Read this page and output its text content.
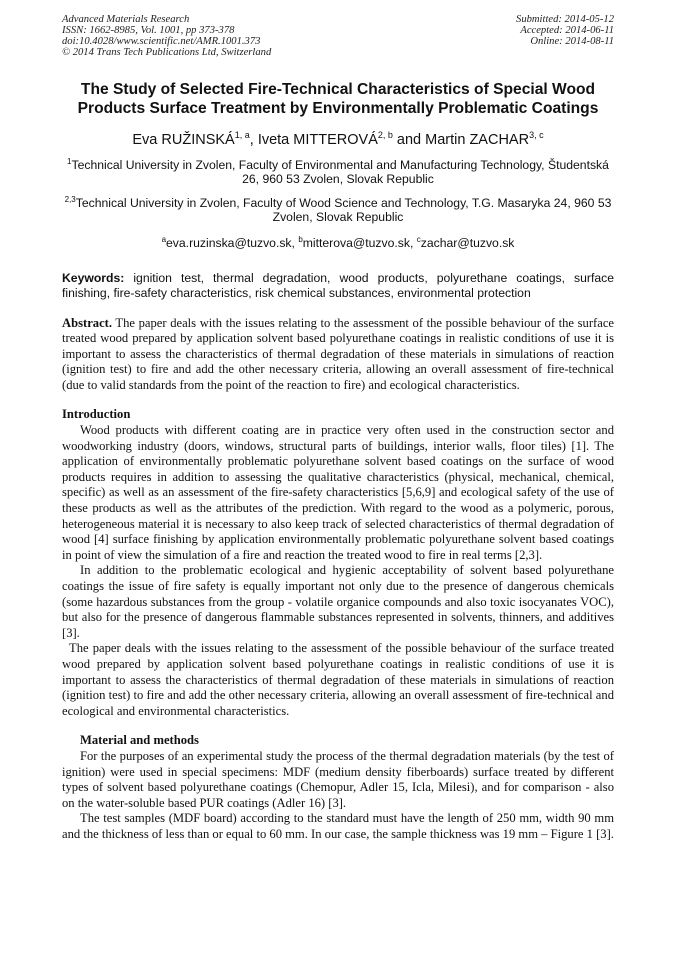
Advanced Materials Research
ISSN: 1662-8985, Vol. 1001, pp 373-378
doi:10.4028/www.scientific.net/AMR.1001.373
© 2014 Trans Tech Publications Ltd, Switzerland
Submitted: 2014-05-12
Accepted: 2014-06-11
Online: 2014-08-11
The Study of Selected Fire-Technical Characteristics of Special Wood Products Surface Treatment by Environmentally Problematic Coatings
Eva RUŽINSKÁ$^{1, a}$, Iveta MITTEROVÁ$^{2, b}$ and Martin ZACHAR$^{3, c}$
$^1$Technical University in Zvolen, Faculty of Environmental and Manufacturing Technology, Študentská 26, 960 53 Zvolen, Slovak Republic
$^{2,3}$Technical University in Zvolen, Faculty of Wood Science and Technology, T.G. Masaryka 24, 960 53 Zvolen, Slovak Republic
$^a$eva.ruzinska@tuzvo.sk, $^b$mitterova@tuzvo.sk, $^c$zachar@tuzvo.sk
Keywords: ignition test, thermal degradation, wood products, polyurethane coatings, surface finishing, fire-safety characteristics, risk chemical substances, environmental protection
Abstract. The paper deals with the issues relating to the assessment of the possible behaviour of the surface treated wood prepared by application solvent based polyurethane coatings in realistic conditions of use it is important to assess the characteristics of thermal degradation of these materials in simulations of reaction (ignition test) to fire and add the other necessary criteria, allowing an overall assessment of fire-technical (due to valid standards from the point of the reaction to fire) and ecological characteristics.
Introduction

Wood products with different coating are in practice very often used in the construction sector and woodworking industry (doors, windows, structural parts of buildings, interior walls, floor tiles) [1]. The application of environmentally problematic polyurethane solvent based coatings on the surface of wood products requires in addition to assessing the qualitative characteristics (physical, mechanical, chemical, specific) as well as an assessment of the fire-safety characteristics [5,6,9] and ecological safety of the use of these products as well as the attributes of the prediction. With regard to the wood as a polymeric, porous, heterogeneous material it is necessary to also keep track of selected characteristics of thermal degradation of wood [4] surface finishing by application environmentally problematic polyurethane solvent based coatings in point of view the simulation of a fire and reaction the treated wood to fire in real terms [2,3].

In addition to the problematic ecological and hygienic acceptability of solvent based polyurethane coatings the issue of fire safety is equally important not only due to the presence of dangerous chemicals (some hazardous substances from the group - volatile organice compounds and also toxic isocyanates VOC), but also for the presence of dangerous flammable substances represented in solvents, thinners, and additives [3].

The paper deals with the issues relating to the assessment of the possible behaviour of the surface treated wood prepared by application solvent based polyurethane coatings in realistic conditions of use it is important to assess the characteristics of thermal degradation of these materials in simulations of reaction (ignition test) to fire and add the other necessary criteria, allowing an overall assessment of fire-technical and ecological and environmental characteristics.

Material and methods

For the purposes of an experimental study the process of the thermal degradation materials (by the test of ignition) were used in special specimens: MDF (medium density fiberboards) surface treated by different types of solvent based polyurethane coatings (Chemopur, Adler 15, Icla, Milesi), and for comparison - also on the water-soluble based PUR coatings (Adler 16) [3].

The test samples (MDF board) according to the standard must have the length of 250 mm, width 90 mm and the thickness of less than or equal to 60 mm. In our case, the sample thickness was 19 mm – Figure 1 [3].
